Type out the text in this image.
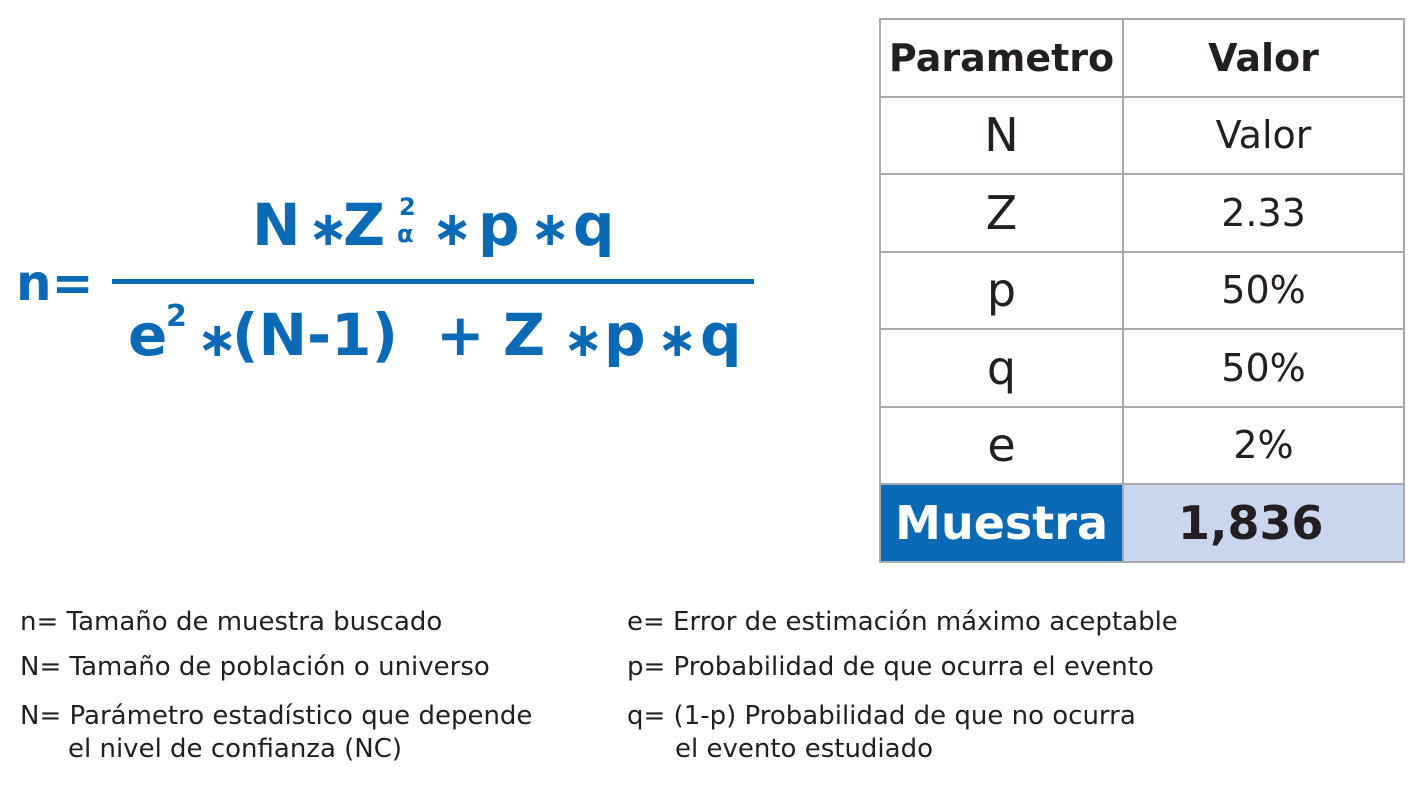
n=
N ∗
Z 2
α ∗ p ∗ q
e
2 ∗
(N-1) + Z ∗ p ∗ q
Parametro	Valor
N	Valor
Z	2.33
p	50%
q	50%
e	2%
Muestra	1,836
n= Tamaño de muestra buscado
N= Tamaño de población o universo
N= Parámetro estadístico que depende
el nivel de confianza (NC)
e= Error de estimación máximo aceptable
p= Probabilidad de que ocurra el evento
q= (1-p) Probabilidad de que no ocurra
el evento estudiado
